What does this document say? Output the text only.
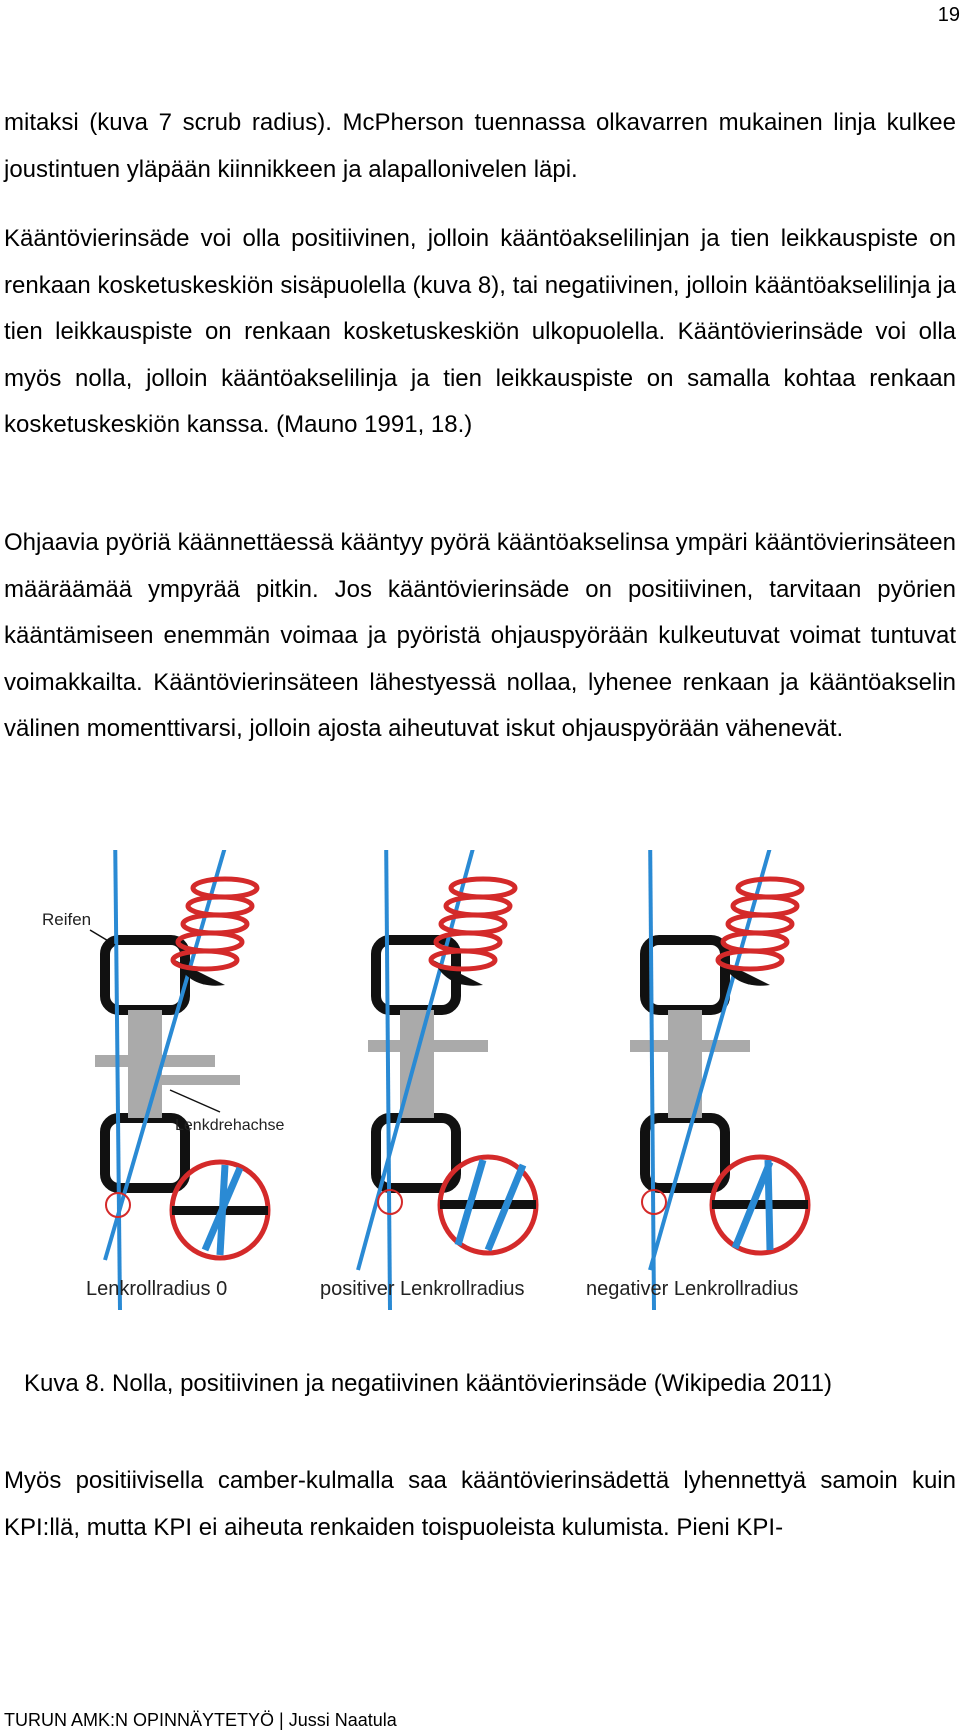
19

mitaksi (kuva 7 scrub radius). McPherson tuennassa olkavarren mukainen linja kulkee joustintuen yläpään kiinnikkeen ja alapallonivelen läpi.

Kääntövierinsäde voi olla positiivinen, jolloin kääntöakselilinjan ja tien leikkauspiste on renkaan kosketuskeskiön sisäpuolella (kuva 8), tai negatiivinen, jolloin kääntöakselilinja ja tien leikkauspiste on renkaan kosketuskeskiön ulkopuolella. Kääntövierinsäde voi olla myös nolla, jolloin kääntöakselilinja ja tien leikkauspiste on samalla kohtaa renkaan kosketuskeskiön kanssa. (Mauno 1991, 18.)

Ohjaavia pyöriä käännettäessä kääntyy pyörä kääntöakselinsa ympäri kääntövierinsäteen määräämää ympyrää pitkin. Jos kääntövierinsäde on positiivinen, tarvitaan pyörien kääntämiseen enemmän voimaa ja pyöristä ohjauspyörään kulkeutuvat voimat tuntuvat voimakkailta. Kääntövierinsäteen lähestyessä nollaa, lyhenee renkaan ja kääntöakselin välinen momenttivarsi, jolloin ajosta aiheutuvat iskut ohjauspyörään vähenevät.

Reifen
Lenkdrehachse
Lenkrollradius 0	positiver Lenkrollradius	negativer Lenkrollradius
Kuva 8. Nolla, positiivinen ja negatiivinen kääntövierinsäde (Wikipedia 2011)

Myös positiivisella camber-kulmalla saa kääntövierinsädettä lyhennettyä samoin kuin KPI:llä, mutta KPI ei aiheuta renkaiden toispuoleista kulumista. Pieni KPI-

TURUN AMK:N OPINNÄYTETYÖ | Jussi Naatula
